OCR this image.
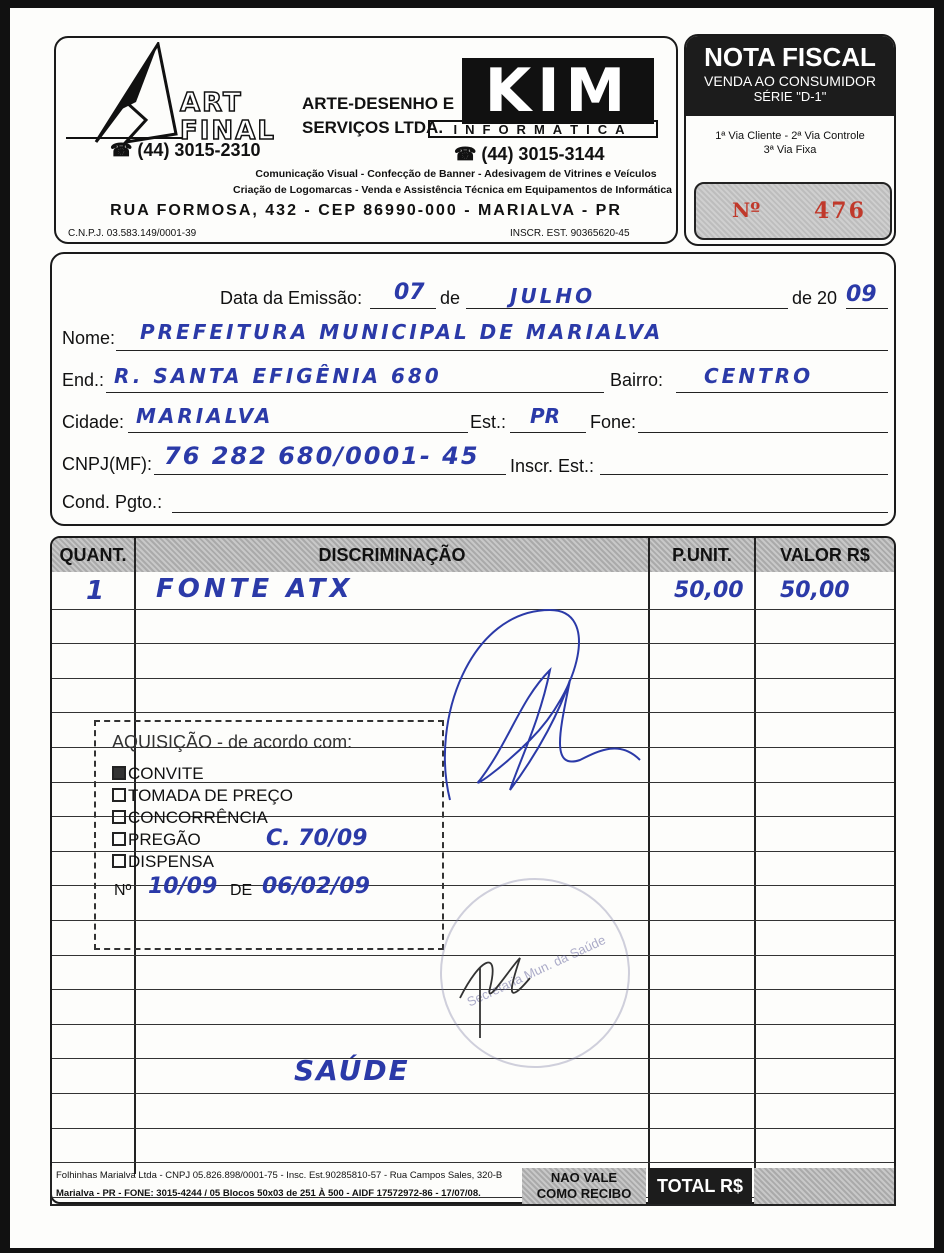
ART
FINAL
ARTE-DESENHO E
SERVIÇOS LTDA.
☎ (44) 3015-2310
KIM
INFORMÁTICA
☎ (44) 3015-3144
Comunicação Visual - Confecção de Banner - Adesivagem de Vitrines e Veículos
Criação de Logomarcas - Venda e Assistência Técnica em Equipamentos de Informática
RUA FORMOSA, 432 - CEP 86990-000 - MARIALVA - PR
C.N.P.J. 03.583.149/0001-39	INSCR. EST. 90365620-45
NOTA FISCAL
VENDA AO CONSUMIDOR
SÉRIE "D-1"
1ª Via Cliente - 2ª Via Controle
3ª Via Fixa
Nº 476
Data da Emissão: 07 de JULHO	de 20 09
Nome: PREFEITURA MUNICIPAL DE MARIALVA
End.: R. SANTA EFIGÊNIA 680	Bairro: CENTRO
Cidade: MARIALVA	Est.: PR Fone:
CNPJ(MF): 76 282 680/0001- 45 Inscr. Est.:
Cond. Pgto.:
QUANT.	DISCRIMINAÇÃO	P.UNIT.	VALOR R$
1 FONTE ATX	50,00 50,00
AQUISIÇÃO - de acordo com:
CONVITE
TOMADA DE PREÇO
CONCORRÊNCIA
PREGÃO	C. 70/09
DISPENSA
Nº 10/09 DE 06/02/09
Secretaria Mun. da Saúde
SAÚDE
Folhinhas Marialva Ltda - CNPJ 05.826.898/0001-75 - Insc. Est.90285810-57 - Rua Campos Sales, 320-B
Marialva - PR - FONE: 3015-4244 / 05 Blocos 50x03 de 251 À 500 - AIDF 17572972-86 - 17/07/08.
NAO VALE
COMO RECIBO	TOTAL R$
